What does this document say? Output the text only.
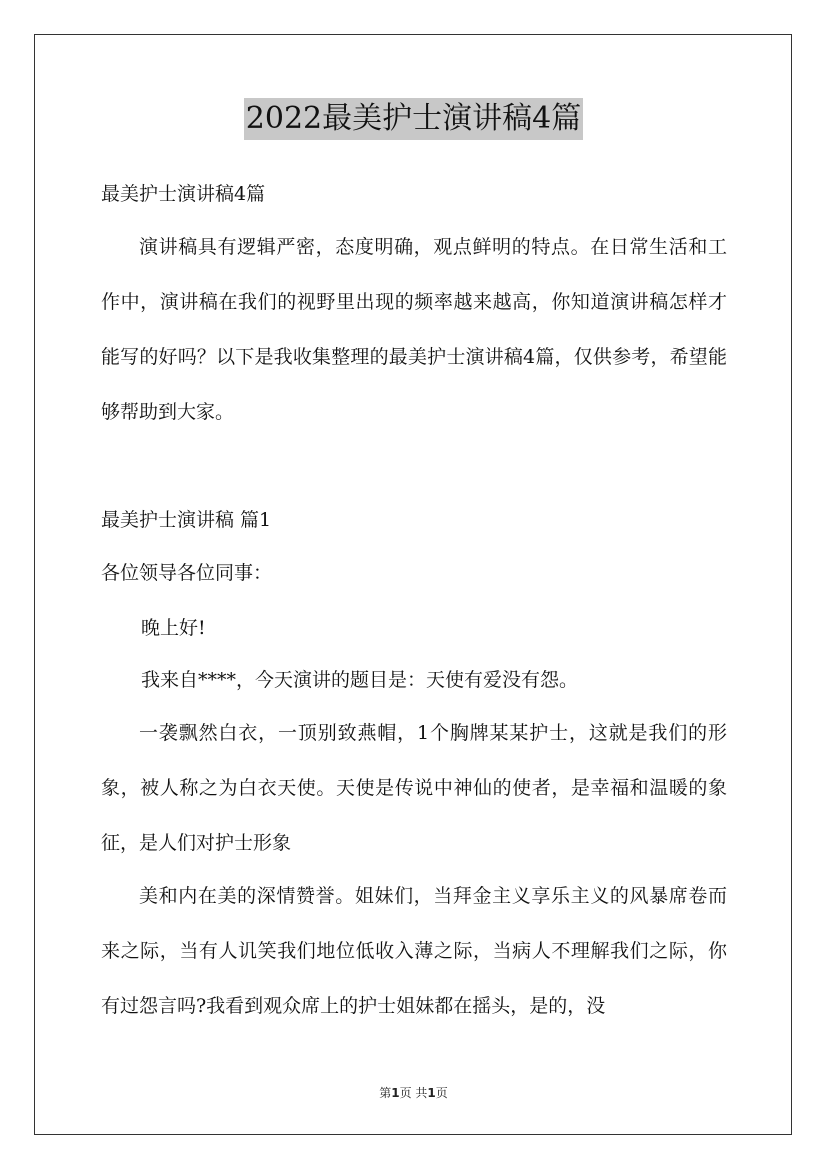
2022最美护士演讲稿4篇
最美护士演讲稿4篇
演讲稿具有逻辑严密，态度明确，观点鲜明的特点。在日常生活和工作中，演讲稿在我们的视野里出现的频率越来越高，你知道演讲稿怎样才能写的好吗？以下是我收集整理的最美护士演讲稿4篇，仅供参考，希望能够帮助到大家。
最美护士演讲稿 篇1
各位领导各位同事：
晚上好!
我来自****，今天演讲的题目是：天使有爱没有怨。
一袭飘然白衣，一顶别致燕帽，1个胸牌某某护士，这就是我们的形象，被人称之为白衣天使。天使是传说中神仙的使者，是幸福和温暖的象征，是人们对护士形象
美和内在美的深情赞誉。姐妹们，当拜金主义享乐主义的风暴席卷而来之际，当有人讥笑我们地位低收入薄之际，当病人不理解我们之际，你有过怨言吗?我看到观众席上的护士姐妹都在摇头，是的，没
第1页 共1页
